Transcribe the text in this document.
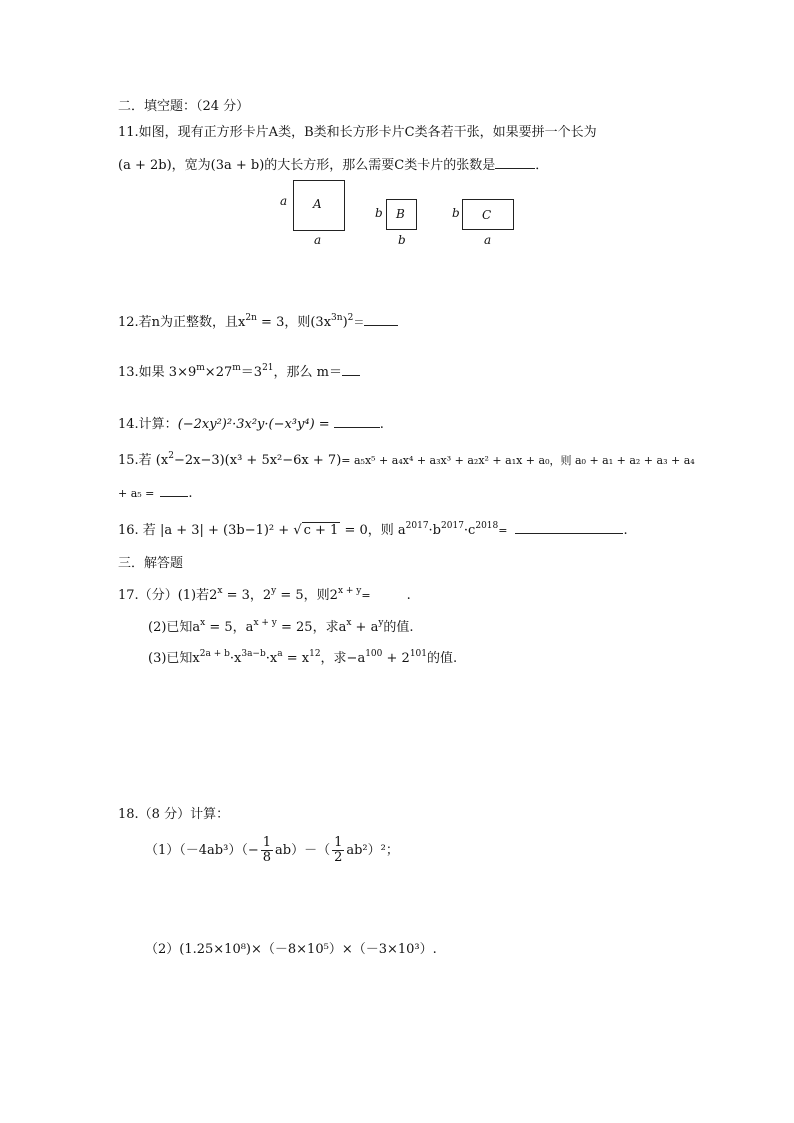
二．填空题：（24 分）
11.如图，现有正方形卡片A类，B类和长方形卡片C类各若干张，如果要拼一个长为
(a + 2b)，宽为(3a + b)的大长方形，那么需要C类卡片的张数是	．
A
a
a
B
b
b
C
b
a
12.若n为正整数，且$x^{2n} = 3$，则$(3x^{3n})^2=$
13.如果 $3\times 9^m\times 27^m=3^{21}$，那么 m＝
14.计算：(−2xy²)²·3x²y·(−x³y⁴) =	.
15.若 $(x^2-2x-3)(x^3 + 5x^2-6x + 7)= a_5x^5 + a_4x^4 + a_3x^3 + a_2x^2 + a_1x + a_0$，则 a₀ + a₁ + a₂ + a₃ + a₄
+ a₅ =	.
16. 若 |a + 3| + (3b−1)² + √ c + 1 = 0，则 $a^{2017}\cdot b^{2017}\cdot c^{2018}=$	.
三．解答题
17.（分）(1)若$2^x = 3$，$2^y = 5$，则$2^{x + y}=$	.
(2)已知$a^x = 5$，$a^{x + y} = 25$，求$a^x + a^y$的值.
(3)已知$x^{2a + b}\cdot x^{3a-b}\cdot x^a = x^{12}$，求$-a^{100} + 2^{101}$的值.
18.（8 分）计算：
$(1)(-4ab^3)(- \frac{1}{8} ab)-( \frac{1}{2} ab^2)^2$；
（2）(1.25×10⁸)×（－8×10⁵）×（－3×10³）.
